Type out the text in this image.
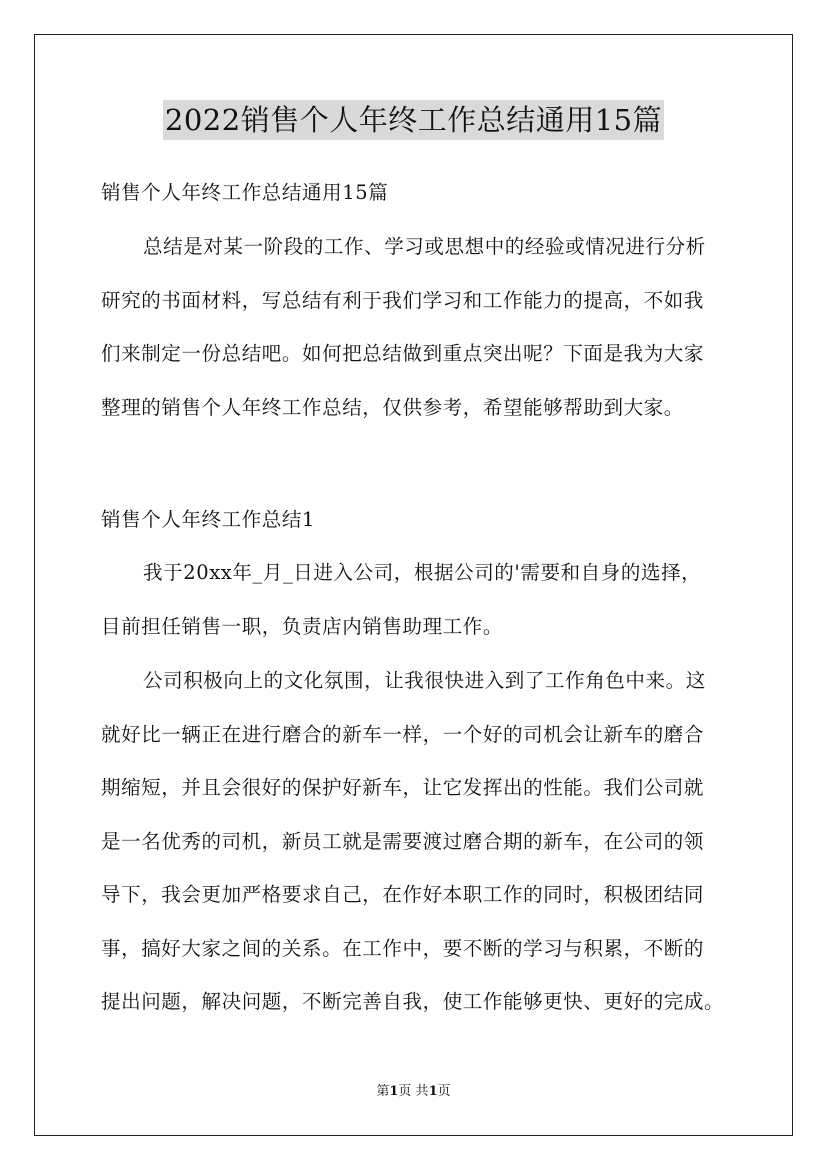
2022销售个人年终工作总结通用15篇
销售个人年终工作总结通用15篇
总结是对某一阶段的工作、学习或思想中的经验或情况进行分析
研究的书面材料，写总结有利于我们学习和工作能力的提高，不如我
们来制定一份总结吧。如何把总结做到重点突出呢？下面是我为大家
整理的销售个人年终工作总结，仅供参考，希望能够帮助到大家。
销售个人年终工作总结1
我于20xx年_月_日进入公司，根据公司的'需要和自身的选择，
目前担任销售一职，负责店内销售助理工作。
公司积极向上的文化氛围，让我很快进入到了工作角色中来。这
就好比一辆正在进行磨合的新车一样，一个好的司机会让新车的磨合
期缩短，并且会很好的保护好新车，让它发挥出的性能。我们公司就
是一名优秀的司机，新员工就是需要渡过磨合期的新车，在公司的领
导下，我会更加严格要求自己，在作好本职工作的同时，积极团结同
事，搞好大家之间的关系。在工作中，要不断的学习与积累，不断的
提出问题，解决问题，不断完善自我，使工作能够更快、更好的完成。
第1页 共1页
